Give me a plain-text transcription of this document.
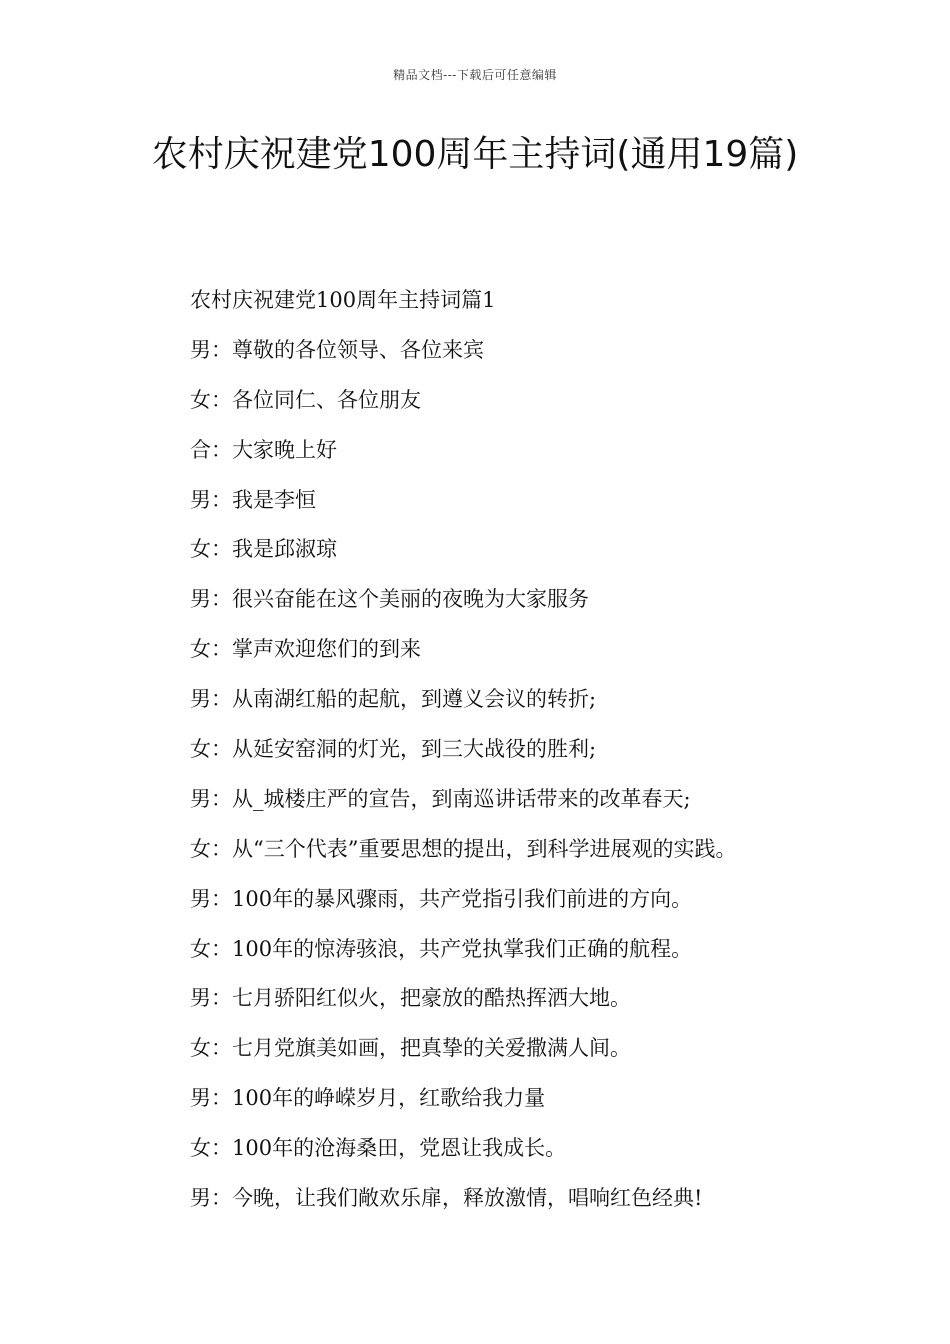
精品文档---下载后可任意编辑
农村庆祝建党100周年主持词(通用19篇)
农村庆祝建党100周年主持词篇1
男：尊敬的各位领导、各位来宾
女：各位同仁、各位朋友
合：大家晚上好
男：我是李恒
女：我是邱淑琼
男：很兴奋能在这个美丽的夜晚为大家服务
女：掌声欢迎您们的到来
男：从南湖红船的起航，到遵义会议的转折;
女：从延安窑洞的灯光，到三大战役的胜利;
男：从_城楼庄严的宣告，到南巡讲话带来的改革春天;
女：从“三个代表”重要思想的提出，到科学进展观的实践。
男：100年的暴风骤雨，共产党指引我们前进的方向。
女：100年的惊涛骇浪，共产党执掌我们正确的航程。
男：七月骄阳红似火，把豪放的酷热挥洒大地。
女：七月党旗美如画，把真挚的关爱撒满人间。
男：100年的峥嵘岁月，红歌给我力量
女：100年的沧海桑田，党恩让我成长。
男：今晚，让我们敞欢乐扉，释放激情，唱响红色经典!
